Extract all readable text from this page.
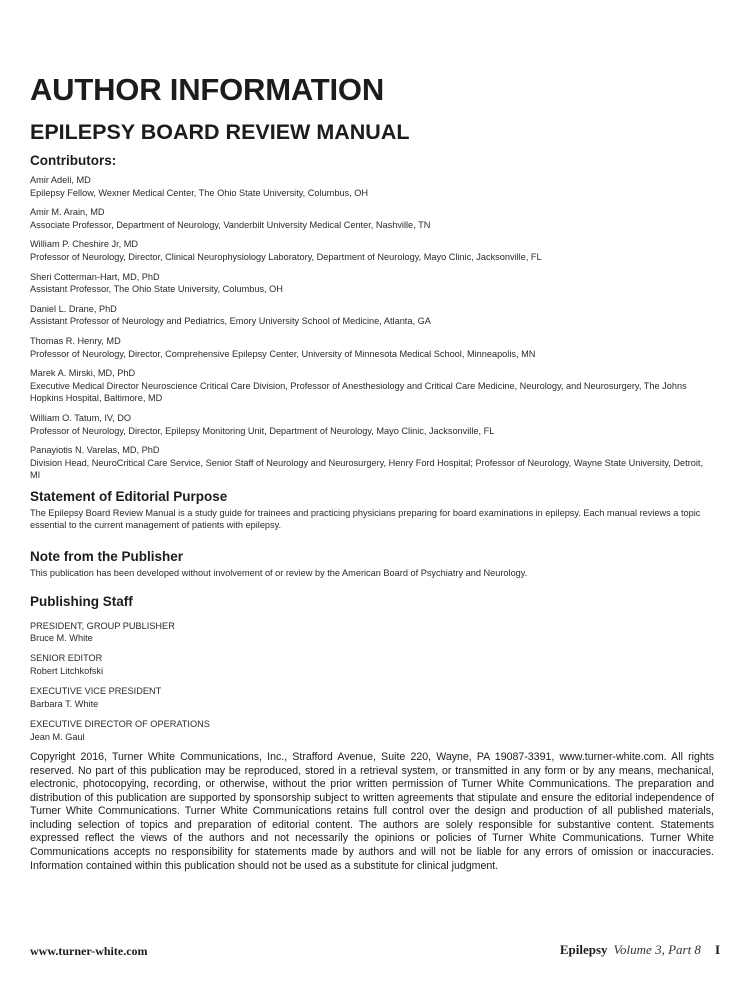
AUTHOR INFORMATION
EPILEPSY BOARD REVIEW MANUAL
Contributors:
Amir Adeli, MD
Epilepsy Fellow, Wexner Medical Center, The Ohio State University, Columbus, OH
Amir M. Arain, MD
Associate Professor, Department of Neurology, Vanderbilt University Medical Center, Nashville, TN
William P. Cheshire Jr, MD
Professor of Neurology, Director, Clinical Neurophysiology Laboratory, Department of Neurology, Mayo Clinic, Jacksonville, FL
Sheri Cotterman-Hart, MD, PhD
Assistant Professor, The Ohio State University, Columbus, OH
Daniel L. Drane, PhD
Assistant Professor of Neurology and Pediatrics, Emory University School of Medicine, Atlanta, GA
Thomas R. Henry, MD
Professor of Neurology, Director, Comprehensive Epilepsy Center, University of Minnesota Medical School, Minneapolis, MN
Marek A. Mirski, MD, PhD
Executive Medical Director Neuroscience Critical Care Division, Professor of Anesthesiology and Critical Care Medicine, Neurology, and Neurosurgery, The Johns Hopkins Hospital, Baltimore, MD
William O. Tatum, IV, DO
Professor of Neurology, Director, Epilepsy Monitoring Unit, Department of Neurology, Mayo Clinic, Jacksonville, FL
Panayiotis N. Varelas, MD, PhD
Division Head, NeuroCritical Care Service, Senior Staff of Neurology and Neurosurgery, Henry Ford Hospital; Professor of Neurology, Wayne State University, Detroit, MI
Statement of Editorial Purpose
The Epilepsy Board Review Manual is a study guide for trainees and practicing physicians preparing for board examinations in epilepsy. Each manual reviews a topic essential to the current management of patients with epilepsy.
Note from the Publisher
This publication has been developed without involvement of or review by the American Board of Psychiatry and Neurology.
Publishing Staff
PRESIDENT, GROUP PUBLISHER
Bruce M. White
SENIOR EDITOR
Robert Litchkofski
EXECUTIVE VICE PRESIDENT
Barbara T. White
EXECUTIVE DIRECTOR OF OPERATIONS
Jean M. Gaul
Copyright 2016, Turner White Communications, Inc., Strafford Avenue, Suite 220, Wayne, PA 19087-3391, www.turner-white.com. All rights reserved. No part of this publication may be reproduced, stored in a retrieval system, or transmitted in any form or by any means, mechanical, electronic, photocopying, recording, or otherwise, without the prior written permission of Turner White Communications. The preparation and distribution of this publication are supported by sponsorship subject to written agreements that stipulate and ensure the editorial independence of Turner White Communications. Turner White Communications retains full control over the design and production of all published materials, including selection of topics and preparation of editorial content. The authors are solely responsible for substantive content. Statements expressed reflect the views of the authors and not necessarily the opinions or policies of Turner White Communications. Turner White Communications accepts no responsibility for statements made by authors and will not be liable for any errors of omission or inaccuracies. Information contained within this publication should not be used as a substitute for clinical judgment.
www.turner-white.com	Epilepsy Volume 3, Part 8 I
